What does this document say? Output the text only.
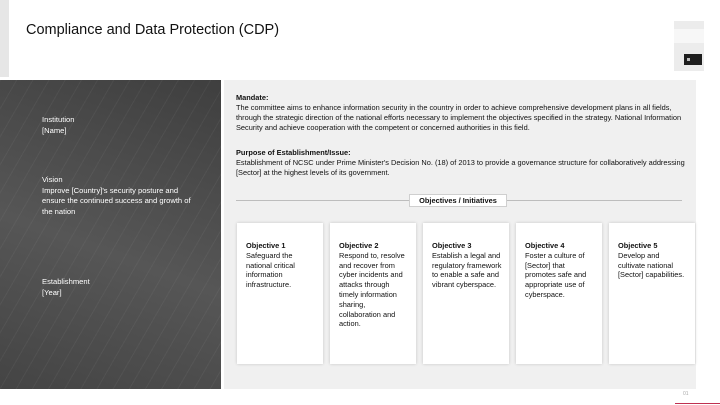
Compliance and Data Protection (CDP)
Institution
[Name]
Vision
Improve [Country]'s security posture and ensure the continued success and growth of the nation
Establishment
[Year]
Mandate:
The committee aims to enhance information security in the country in order to achieve comprehensive development plans in all fields, through the strategic direction of the national efforts necessary to implement the objectives specified in the strategy. National Information Security and achieve cooperation with the competent or concerned authorities in this field.
Purpose of Establishment/Issue:
Establishment of NCSC under Prime Minister's Decision No. (18) of 2013 to provide a governance structure for collaboratively addressing [Sector] at the highest levels of its government.
Objectives / Initiatives
Objective 1
Safeguard the national critical information infrastructure.
Objective 2
Respond to, resolve and recover from cyber incidents and attacks through timely information sharing, collaboration and action.
Objective 3
Establish a legal and regulatory framework to enable a safe and vibrant cyberspace.
Objective 4
Foster a culture of [Sector] that promotes safe and appropriate use of cyberspace.
Objective 5
Develop and cultivate national [Sector] capabilities.
01
